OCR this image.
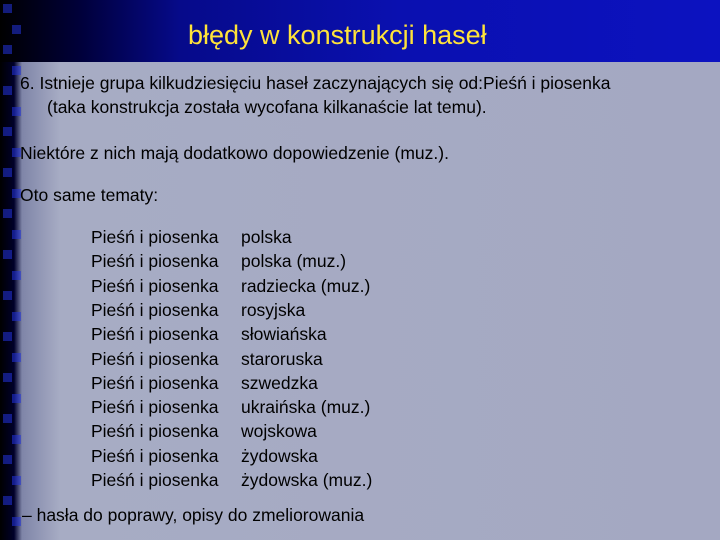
błędy w konstrukcji haseł
6. Istnieje grupa kilkudziesięciu haseł zaczynających się od:Pieśń i piosenka
(taka konstrukcja została wycofana kilkanaście lat temu).
Niektóre z nich mają dodatkowo dopowiedzenie (muz.).
Oto same tematy:
Pieśń i piosenka polska
Pieśń i piosenka polska (muz.)
Pieśń i piosenka radziecka (muz.)
Pieśń i piosenka rosyjska
Pieśń i piosenka słowiańska
Pieśń i piosenka staroruska
Pieśń i piosenka szwedzka
Pieśń i piosenka ukraińska (muz.)
Pieśń i piosenka wojskowa
Pieśń i piosenka żydowska
Pieśń i piosenka żydowska (muz.)
– hasła do poprawy, opisy do zmeliorowania
